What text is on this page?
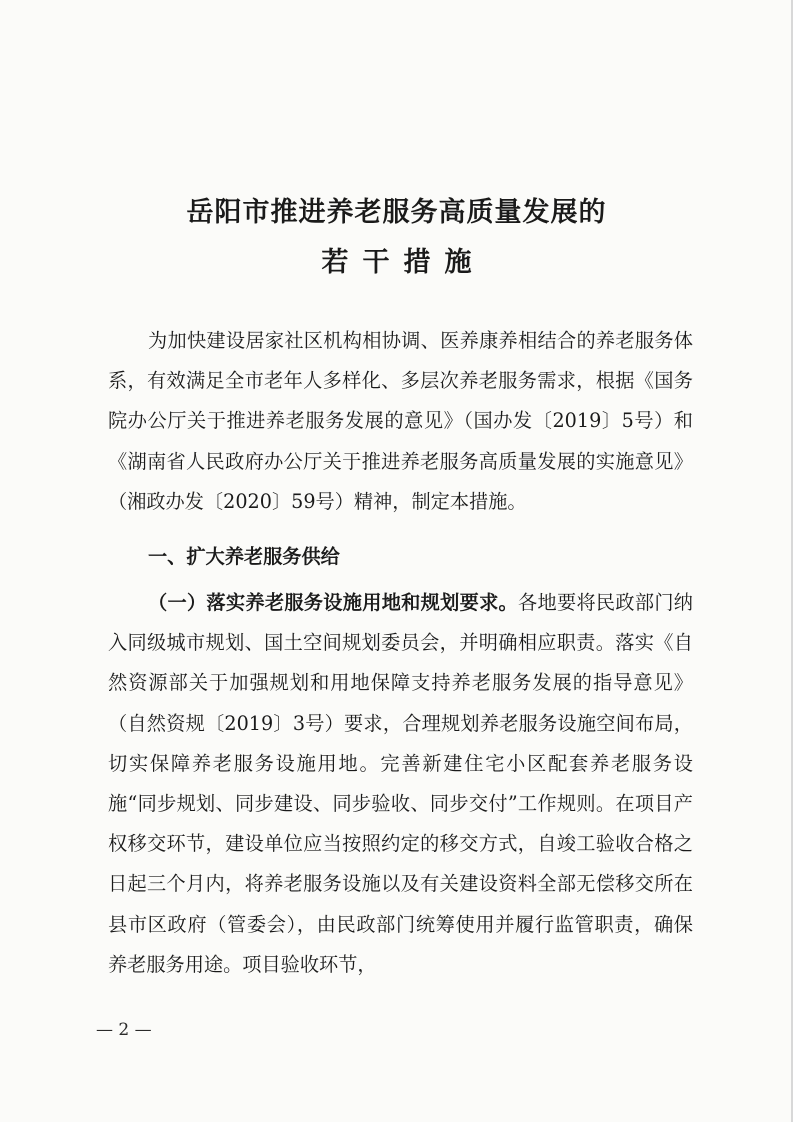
岳阳市推进养老服务高质量发展的
若干措施

为加快建设居家社区机构相协调、医养康养相结合的养老服务体系，有效满足全市老年人多样化、多层次养老服务需求，根据《国务院办公厅关于推进养老服务发展的意见》（国办发〔2019〕5号）和《湖南省人民政府办公厅关于推进养老服务高质量发展的实施意见》（湘政办发〔2020〕59号）精神，制定本措施。

一、扩大养老服务供给

（一）落实养老服务设施用地和规划要求。各地要将民政部门纳入同级城市规划、国土空间规划委员会，并明确相应职责。落实《自然资源部关于加强规划和用地保障支持养老服务发展的指导意见》（自然资规〔2019〕3号）要求，合理规划养老服务设施空间布局，切实保障养老服务设施用地。完善新建住宅小区配套养老服务设施“同步规划、同步建设、同步验收、同步交付”工作规则。在项目产权移交环节，建设单位应当按照约定的移交方式，自竣工验收合格之日起三个月内，将养老服务设施以及有关建设资料全部无偿移交所在县市区政府（管委会），由民政部门统筹使用并履行监管职责，确保养老服务用途。项目验收环节，

— 2 —
